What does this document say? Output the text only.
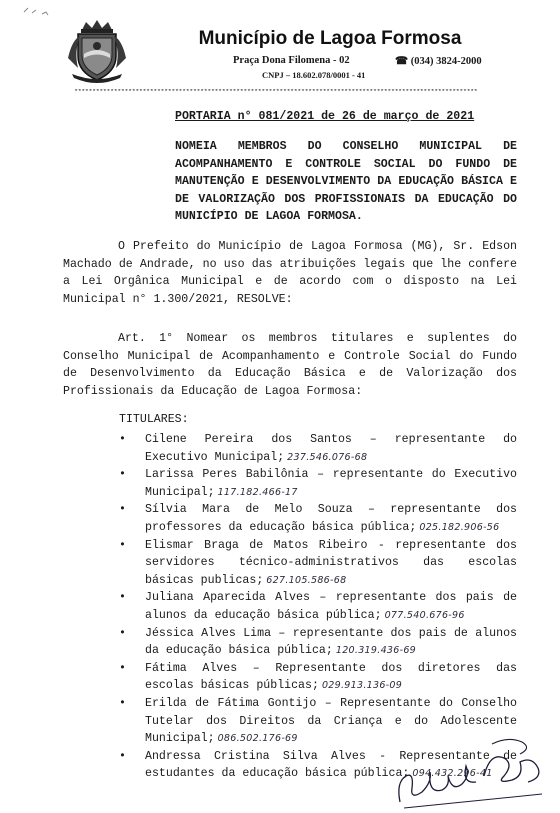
Município de Lagoa Formosa
Praça Dona Filomena - 02	☎ (034) 3824-2000
CNPJ – 18.602.078/0001 - 41
****************************************************************************************************************
PORTARIA n° 081/2021 de 26 de março de 2021
NOMEIA MEMBROS DO CONSELHO MUNICIPAL DE ACOMPANHAMENTO E CONTROLE SOCIAL DO FUNDO DE MANUTENÇÃO E DESENVOLVIMENTO DA EDUCAÇÃO BÁSICA E DE VALORIZAÇÃO DOS PROFISSIONAIS DA EDUCAÇÃO DO MUNICÍPIO DE LAGOA FORMOSA.
O Prefeito do Município de Lagoa Formosa (MG), Sr. Edson Machado de Andrade, no uso das atribuições legais que lhe confere a Lei Orgânica Municipal e de acordo com o disposto na Lei Municipal n° 1.300/2021, RESOLVE:
Art. 1° Nomear os membros titulares e suplentes do Conselho Municipal de Acompanhamento e Controle Social do Fundo de Desenvolvimento da Educação Básica e de Valorização dos Profissionais da Educação de Lagoa Formosa:
TITULARES:
• Cilene Pereira dos Santos – representante do Executivo Municipal; 237.546.076-68
• Larissa Peres Babilônia – representante do Executivo Municipal; 117.182.466-17
• Sílvia Mara de Melo Souza – representante dos professores da educação básica pública; 025.182.906-56
• Elismar Braga de Matos Ribeiro - representante dos servidores técnico-administrativos das escolas básicas publicas; 627.105.586-68
• Juliana Aparecida Alves – representante dos pais de alunos da educação básica pública; 077.540.676-96
• Jéssica Alves Lima – representante dos pais de alunos da educação básica pública; 120.319.436-69
• Fátima Alves – Representante dos diretores das escolas básicas públicas; 029.913.136-09
• Erilda de Fátima Gontijo – Representante do Conselho Tutelar dos Direitos da Criança e do Adolescente Municipal; 086.502.176-69
• Andressa Cristina Silva Alves - Representante de estudantes da educação básica pública; 094.432.296-41
